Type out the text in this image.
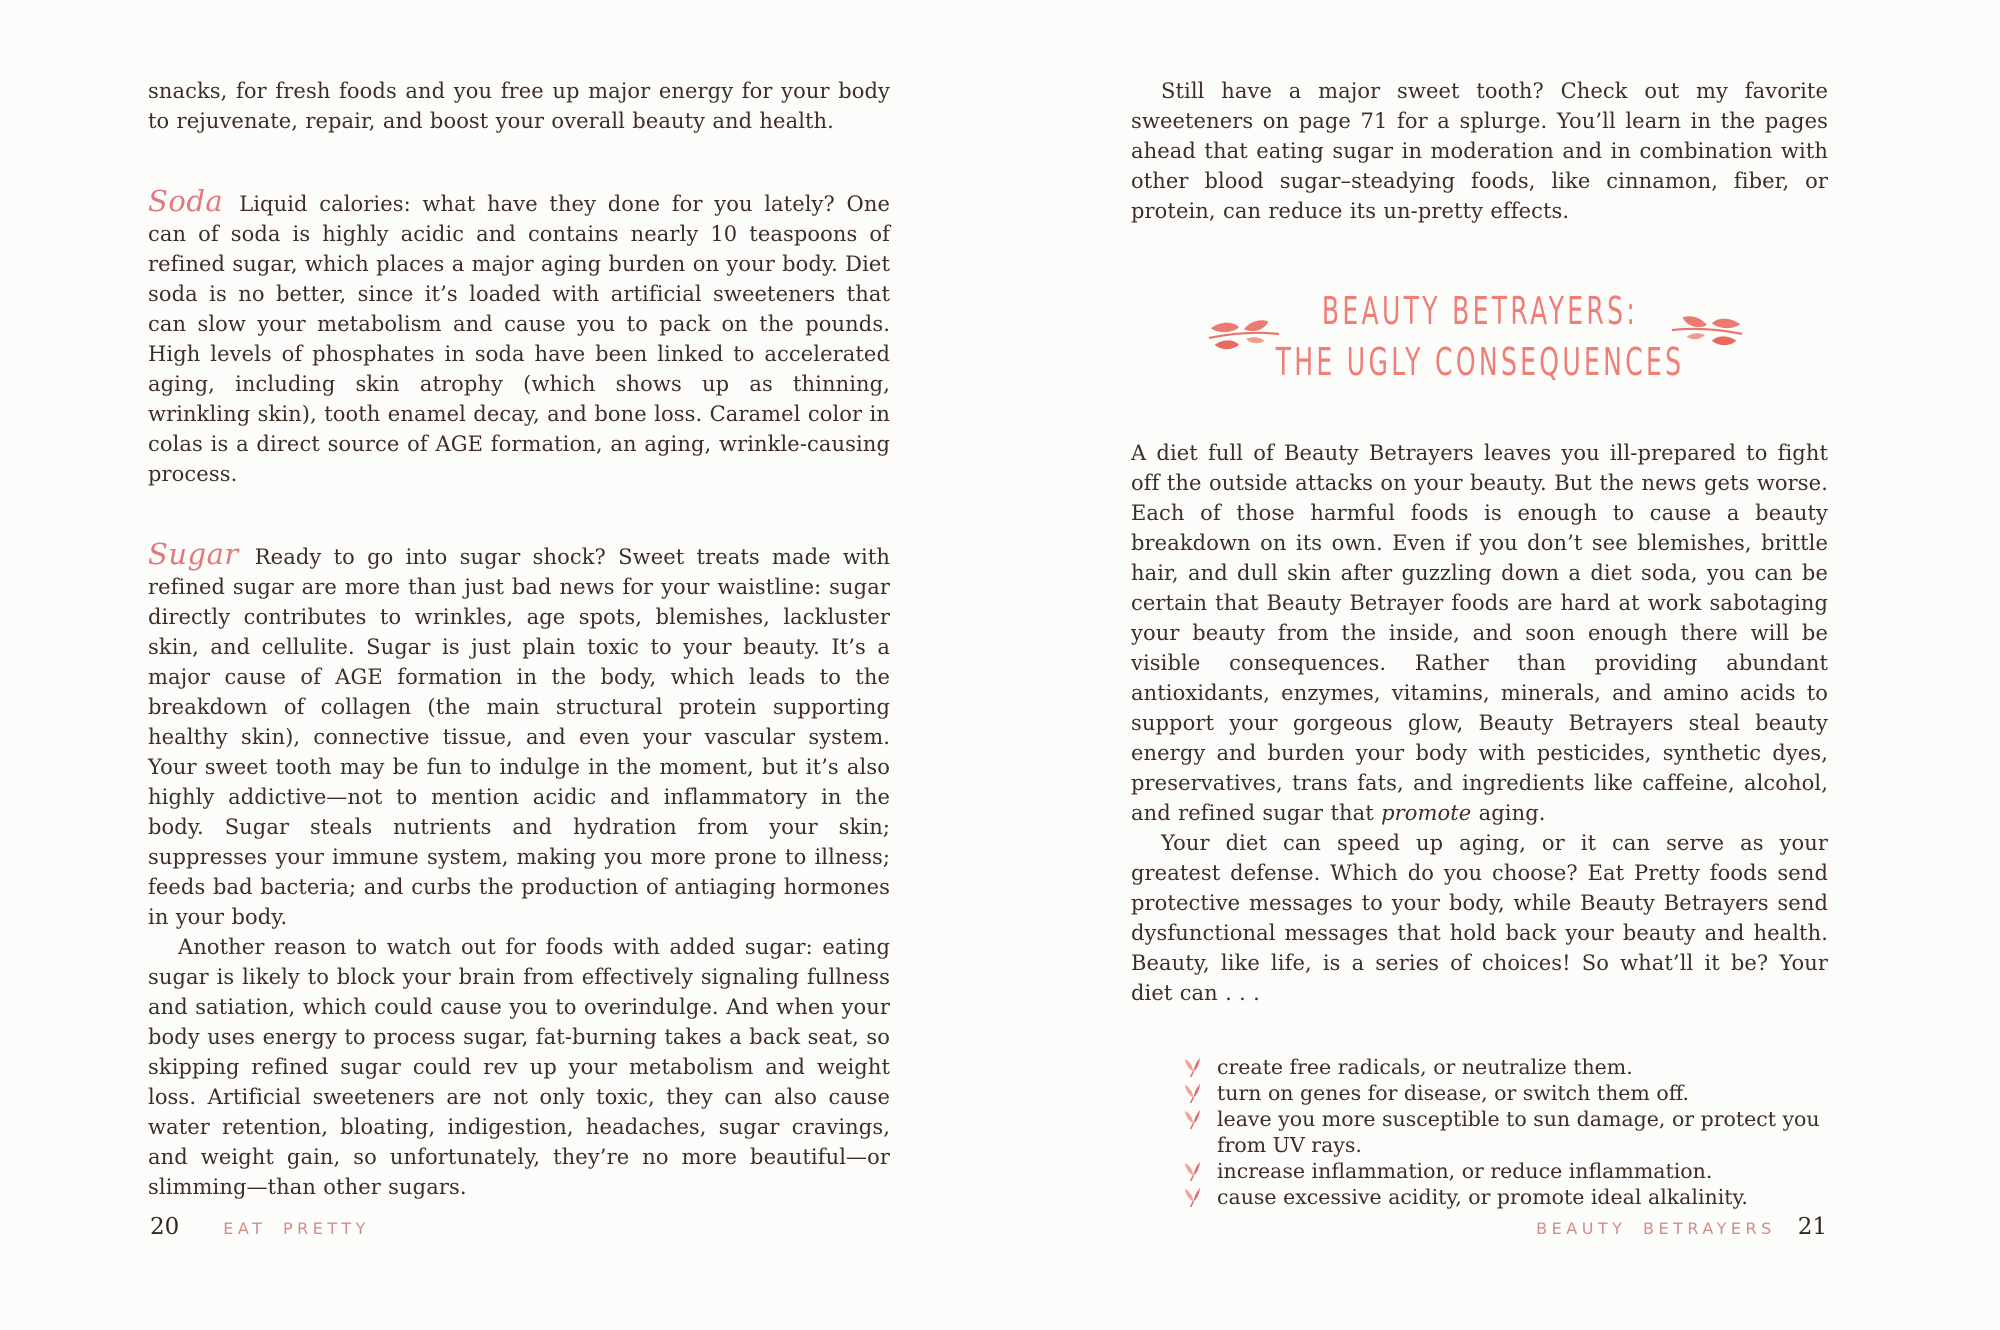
snacks, for fresh foods and you free up major energy for your body to rejuvenate, repair, and boost your overall beauty and health.

Soda Liquid calories: what have they done for you lately? One can of soda is highly acidic and contains nearly 10 teaspoons of refined sugar, which places a major aging burden on your body. Diet soda is no better, since it’s loaded with artificial sweeteners that can slow your metabolism and cause you to pack on the pounds. High levels of phosphates in soda have been linked to accelerated aging, including skin atrophy (which shows up as thinning, wrinkling skin), tooth enamel decay, and bone loss. Caramel color in colas is a direct source of AGE formation, an aging, wrinkle-causing process.

Sugar Ready to go into sugar shock? Sweet treats made with refined sugar are more than just bad news for your waistline: sugar directly contributes to wrinkles, age spots, blemishes, lackluster skin, and cellulite. Sugar is just plain toxic to your beauty. It’s a major cause of AGE formation in the body, which leads to the breakdown of collagen (the main structural protein supporting healthy skin), connective tissue, and even your vascular system. Your sweet tooth may be fun to indulge in the moment, but it’s also highly addictive—not to mention acidic and inflammatory in the body. Sugar steals nutrients and hydration from your skin; suppresses your immune system, making you more prone to illness; feeds bad bacteria; and curbs the production of antiaging hormones in your body.

Another reason to watch out for foods with added sugar: eating sugar is likely to block your brain from effectively signaling fullness and satiation, which could cause you to overindulge. And when your body uses energy to process sugar, fat-burning takes a back seat, so skipping refined sugar could rev up your metabolism and weight loss. Artificial sweeteners are not only toxic, they can also cause water retention, bloating, indigestion, headaches, sugar cravings, and weight gain, so unfortunately, they’re no more beautiful—or slimming—than other sugars.

Still have a major sweet tooth? Check out my favorite sweeteners on page 71 for a splurge. You’ll learn in the pages ahead that eating sugar in moderation and in combination with other blood sugar–steadying foods, like cinnamon, fiber, or protein, can reduce its un-pretty effects.

BEAUTY BETRAYERS:
THE UGLY CONSEQUENCES

A diet full of Beauty Betrayers leaves you ill-prepared to fight off the outside attacks on your beauty. But the news gets worse. Each of those harmful foods is enough to cause a beauty breakdown on its own. Even if you don’t see blemishes, brittle hair, and dull skin after guzzling down a diet soda, you can be certain that Beauty Betrayer foods are hard at work sabotaging your beauty from the inside, and soon enough there will be visible consequences. Rather than providing abundant antioxidants, enzymes, vitamins, minerals, and amino acids to support your gorgeous glow, Beauty Betrayers steal beauty energy and burden your body with pesticides, synthetic dyes, preservatives, trans fats, and ingredients like caffeine, alcohol, and refined sugar that promote aging.

Your diet can speed up aging, or it can serve as your greatest defense. Which do you choose? Eat Pretty foods send protective messages to your body, while Beauty Betrayers send dysfunctional messages that hold back your beauty and health. Beauty, like life, is a series of choices! So what’ll it be? Your diet can . . .

create free radicals, or neutralize them.
turn on genes for disease, or switch them off.
leave you more susceptible to sun damage, or protect you from UV rays.
increase inflammation, or reduce inflammation.
cause excessive acidity, or promote ideal alkalinity.
20	EAT PRETTY	BEAUTY BETRAYERS 21
